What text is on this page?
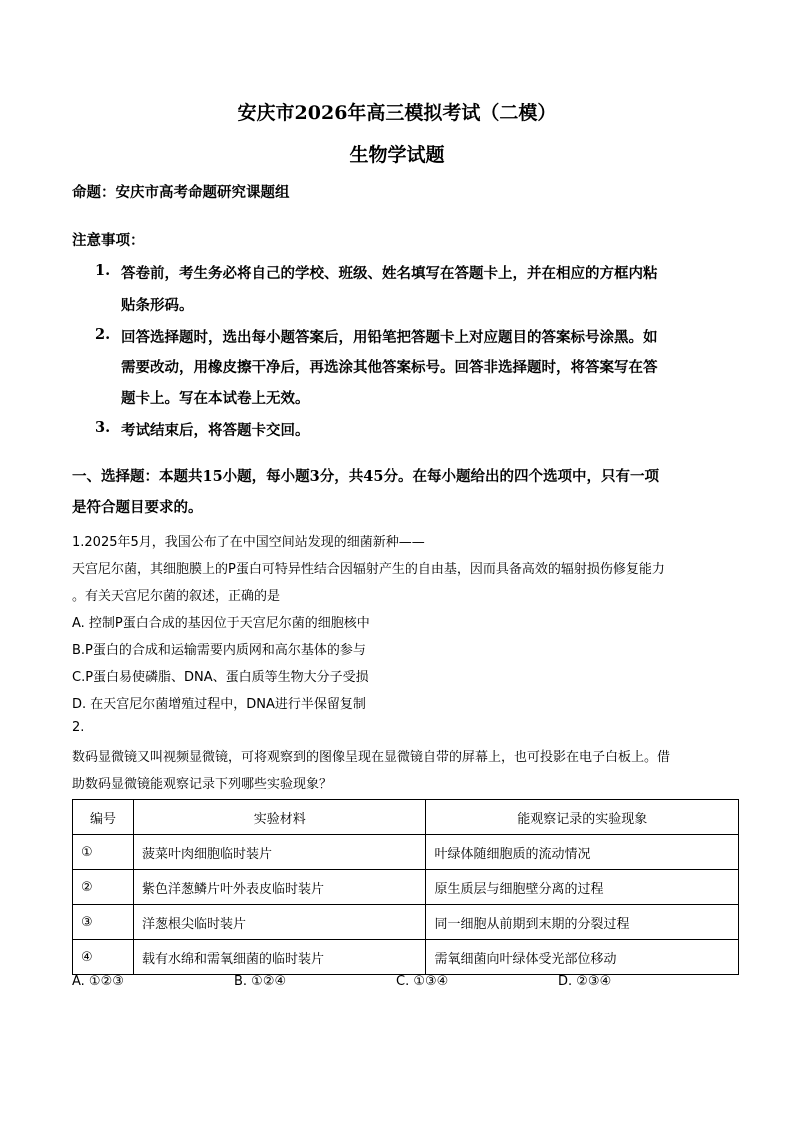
安庆市2026年高三模拟考试（二模）
生物学试题
命题：安庆市高考命题研究课题组
注意事项：
1. 答卷前，考生务必将自己的学校、班级、姓名填写在答题卡上，并在相应的方框内粘
贴条形码。
2. 回答选择题时，选出每小题答案后，用铅笔把答题卡上对应题目的答案标号涂黑。如
需要改动，用橡皮擦干净后，再选涂其他答案标号。回答非选择题时，将答案写在答
题卡上。写在本试卷上无效。
3. 考试结束后，将答题卡交回。
一、选择题：本题共15小题，每小题3分，共45分。在每小题给出的四个选项中，只有一项
是符合题目要求的。
1.2025年5月，我国公布了在中国空间站发现的细菌新种——
天宫尼尔菌，其细胞膜上的P蛋白可特异性结合因辐射产生的自由基，因而具备高效的辐射损伤修复能力
。有关天宫尼尔菌的叙述，正确的是
A. 控制P蛋白合成的基因位于天宫尼尔菌的细胞核中
B.P蛋白的合成和运输需要内质网和高尔基体的参与
C.P蛋白易使磷脂、DNA、蛋白质等生物大分子受损
D. 在天宫尼尔菌增殖过程中，DNA进行半保留复制
2.
数码显微镜又叫视频显微镜，可将观察到的图像呈现在显微镜自带的屏幕上，也可投影在电子白板上。借
助数码显微镜能观察记录下列哪些实验现象？
编号	实验材料	能观察记录的实验现象
①	菠菜叶肉细胞临时装片	叶绿体随细胞质的流动情况
②	紫色洋葱鳞片叶外表皮临时装片	原生质层与细胞壁分离的过程
③	洋葱根尖临时装片	同一细胞从前期到末期的分裂过程
④	载有水绵和需氧细菌的临时装片	需氧细菌向叶绿体受光部位移动
A. ①②③	B. ①②④	C. ①③④	D. ②③④
